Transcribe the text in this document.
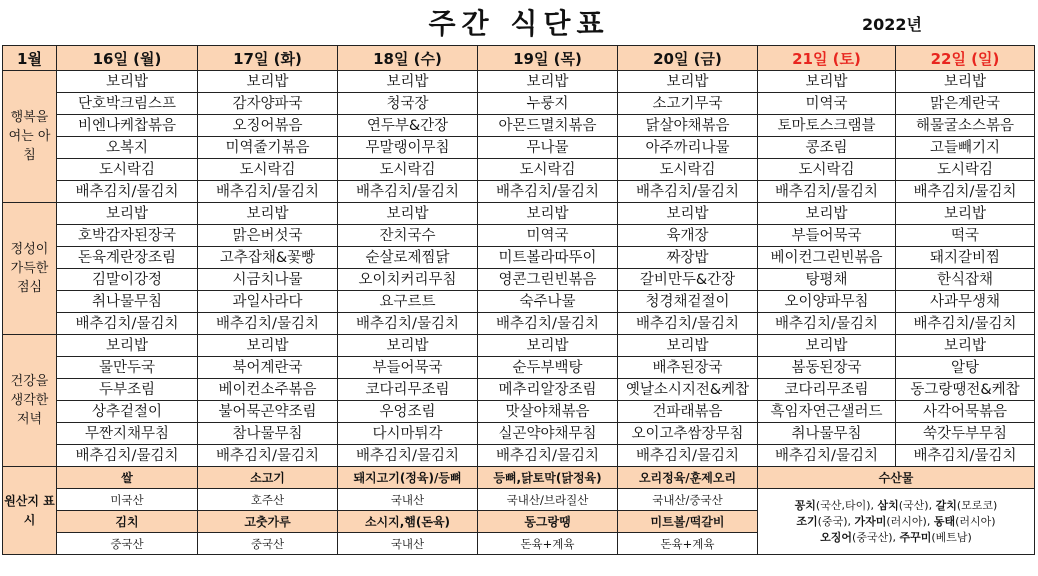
주간 식단표	2022년
1월	16일 (월)	17일 (화)	18일 (수)	19일 (목)	20일 (금)	21일 (토)	22일 (일)
행복을 여는 아침	보리밥	보리밥	보리밥	보리밥	보리밥	보리밥	보리밥
	단호박크림스프	감자양파국	청국장	누룽지	소고기무국	미역국	맑은계란국
	비엔나케찹볶음	오징어볶음	연두부&간장	아몬드멸치볶음	닭살야채볶음	토마토스크램블	해물굴소스볶음
	오복지	미역줄기볶음	무말랭이무침	무나물	아주까리나물	콩조림	고들빼기지
	도시락김	도시락김	도시락김	도시락김	도시락김	도시락김	도시락김
	배추김치/물김치	배추김치/물김치	배추김치/물김치	배추김치/물김치	배추김치/물김치	배추김치/물김치	배추김치/물김치
정성이 가득한 점심	보리밥	보리밥	보리밥	보리밥	보리밥	보리밥	보리밥
	호박감자된장국	맑은버섯국	잔치국수	미역국	육개장	부들어묵국	떡국
	돈육계란장조림	고추잡채&꽃빵	순살로제찜닭	미트볼라따뚜이	짜장밥	베이컨그린빈볶음	돼지갈비찜
	김말이강정	시금치나물	오이치커리무침	영콘그린빈볶음	갈비만두&간장	탕평채	한식잡채
	취나물무침	과일사라다	요구르트	숙주나물	청경채겉절이	오이양파무침	사과무생채
	배추김치/물김치	배추김치/물김치	배추김치/물김치	배추김치/물김치	배추김치/물김치	배추김치/물김치	배추김치/물김치
건강을 생각한 저녁	보리밥	보리밥	보리밥	보리밥	보리밥	보리밥	보리밥
	물만두국	북어계란국	부들어묵국	순두부백탕	배추된장국	봄동된장국	알탕
	두부조림	베이컨소주볶음	코다리무조림	메추리알장조림	옛날소시지전&케찹	코다리무조림	동그랑땡전&케찹
	상추겉절이	불어묵곤약조림	우엉조림	맛살야채볶음	건파래볶음	흑임자연근샐러드	사각어묵볶음
	무짠지채무침	참나물무침	다시마튀각	실곤약야채무침	오이고추쌈장무침	취나물무침	쑥갓두부무침
	배추김치/물김치	배추김치/물김치	배추김치/물김치	배추김치/물김치	배추김치/물김치	배추김치/물김치	배추김치/물김치
원산지 표시	쌀	소고기	돼지고기(정육)/등뼈	등뼈,닭토막(닭정육)	오리정육/훈제오리	수산물	
	미국산	호주산	국내산	국내산/브라질산	국내산/중국산	꽁치(국산,타이), 삼치(국산), 갈치(모로코)
조기(중국), 가자미(러시아), 동태(러시아)
오징어(중국산), 주꾸미(베트남)	

	김치	고춧가루	소시지,햄(돈육)	동그랑땡	미트볼/떡갈비		
	중국산	중국산	국내산	돈육+계육	돈육+계육		
